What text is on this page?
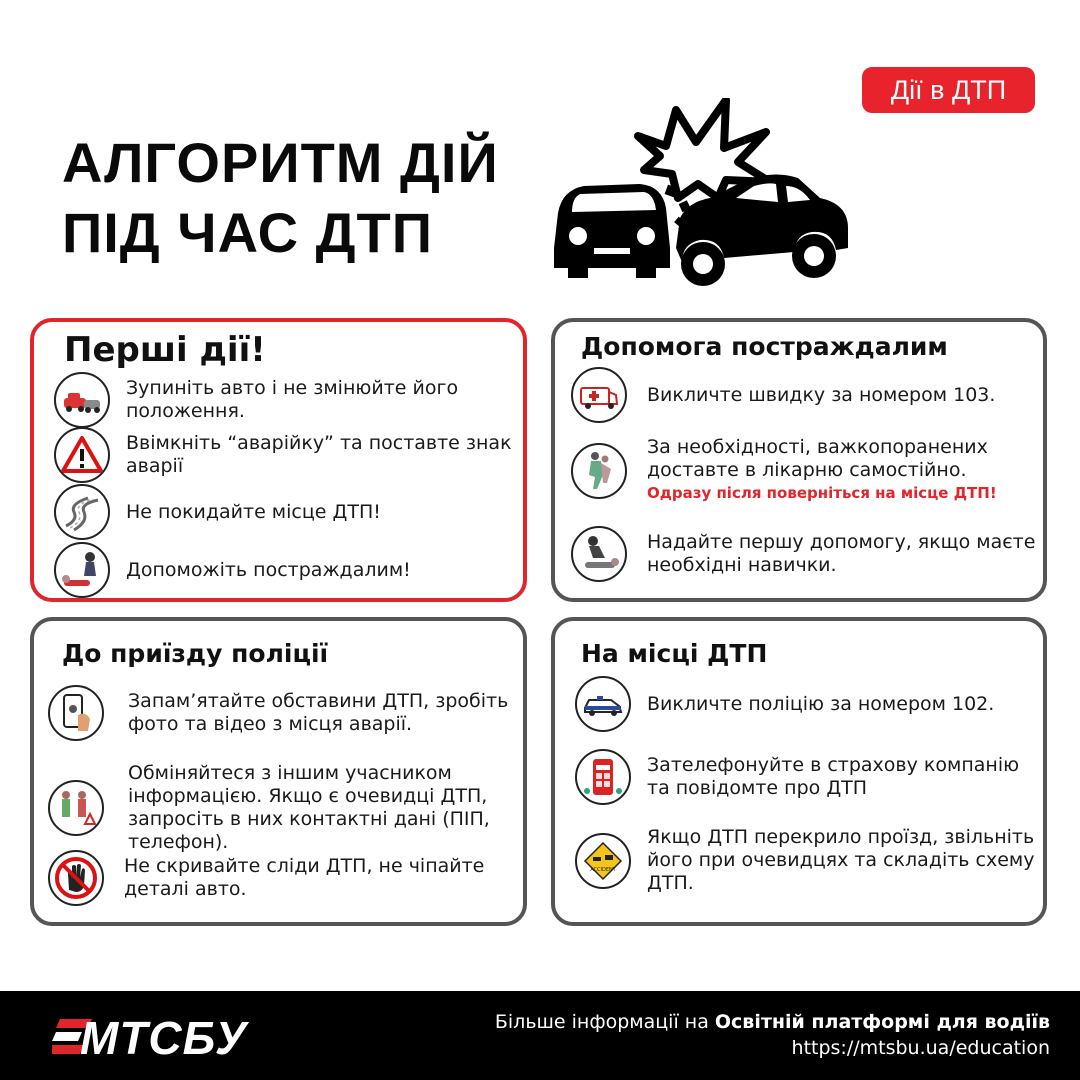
Дії в ДТП
АЛГОРИТМ ДІЙ
ПІД ЧАС ДТП
Перші дії!
Зупиніть авто і не змінюйте його положення.
Ввімкніть “аварійку” та поставте знак аварії
Не покидайте місце ДТП!
Допоможіть постраждалим!
Допомога постраждалим
Викличте швидку за номером 103.
За необхідності, важкопоранених доставте в лікарню самостійно.
Одразу після поверніться на місце ДТП!
Надайте першу допомогу, якщо маєте необхідні навички.
До приїзду поліції
Запам’ятайте обставини ДТП, зробіть фото та відео з місця аварії.
Обміняйтеся з іншим учасником інформацією. Якщо є очевидці ДТП, запросіть в них контактні дані (ПІП, телефон).
Не скривайте сліди ДТП, не чіпайте деталі авто.
На місці ДТП
Викличте поліцію за номером 102.
Зателефонуйте в страхову компанію та повідомте про ДТП
ACCIDENT
Якщо ДТП перекрило проїзд, звільніть його при очевидцях та складіть схему ДТП.
МТСБУ	Більше інформації на Освітній платформі для водіїв
https://mtsbu.ua/education
